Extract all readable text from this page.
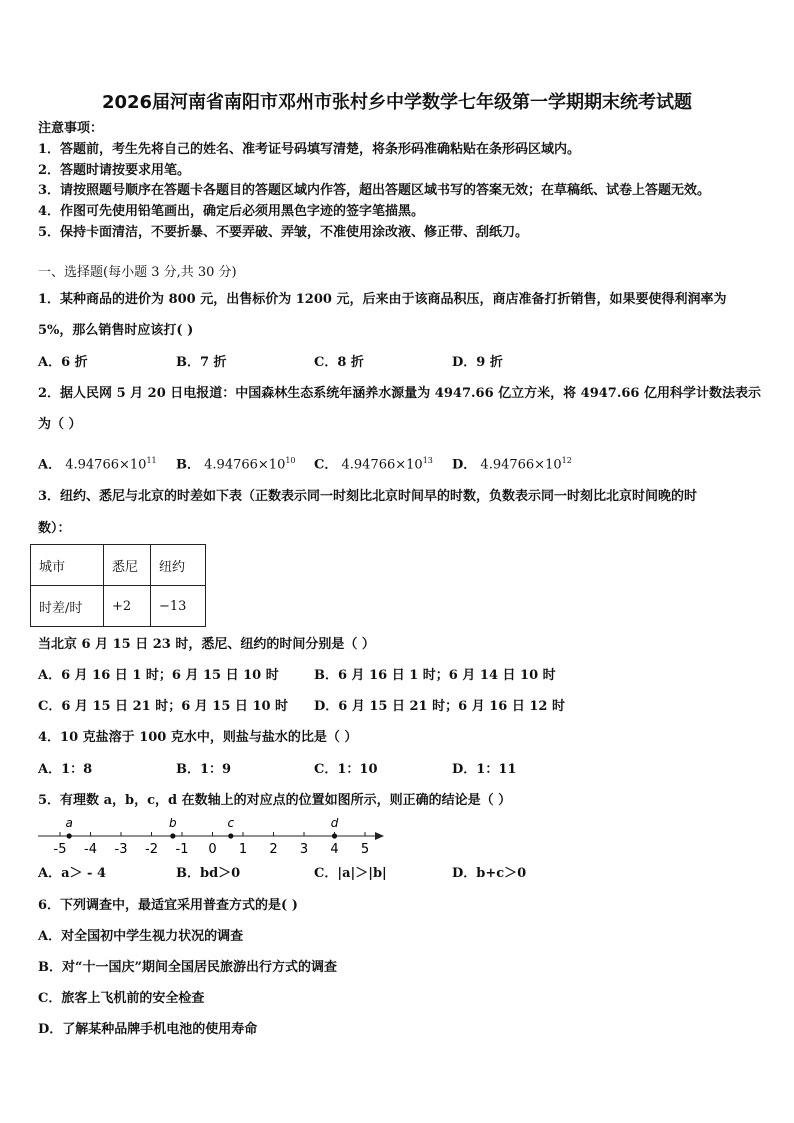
2026届河南省南阳市邓州市张村乡中学数学七年级第一学期期末统考试题
注意事项：
1．答题前，考生先将自己的姓名、准考证号码填写清楚，将条形码准确粘贴在条形码区域内。
2．答题时请按要求用笔。
3．请按照题号顺序在答题卡各题目的答题区域内作答，超出答题区域书写的答案无效；在草稿纸、试卷上答题无效。
4．作图可先使用铅笔画出，确定后必须用黑色字迹的签字笔描黑。
5．保持卡面清洁，不要折暴、不要弄破、弄皱，不准使用涂改液、修正带、刮纸刀。
一、选择题(每小题 3 分,共 30 分)
1．某种商品的进价为 800 元，出售标价为 1200 元，后来由于该商品积压，商店准备打折销售，如果要使得利润率为
5%，那么销售时应该打( )
A．6 折	B．7 折	C．8 折	D．9 折
2．据人民网 5 月 20 日电报道：中国森林生态系统年涵养水源量为 4947.66 亿立方米，将 4947.66 亿用科学计数法表示
为（ ）
A． $4.94766\times 10^{11}$ B． $4.94766\times 10^{10}$ C． $4.94766\times 10^{13}$ D． $4.94766\times 10^{12}$
3．纽约、悉尼与北京的时差如下表（正数表示同一时刻比北京时间早的时数，负数表示同一时刻比北京时间晚的时
数）：
城市	悉尼	纽约
时差/时	+2	−13
当北京 6 月 15 日 23 时，悉尼、纽约的时间分别是（ ）
A．6 月 16 日 1 时；6 月 15 日 10 时	B．6 月 16 日 1 时；6 月 14 日 10 时
C．6 月 15 日 21 时；6 月 15 日 10 时 D．6 月 15 日 21 时；6 月 16 日 12 时
4．10 克盐溶于 100 克水中，则盐与盐水的比是（ ）
A．1：8	B．1：9	C．1：10	D．1：11
5．有理数 a，b，c，d 在数轴上的对应点的位置如图所示，则正确的结论是（ ）
-5 -4 -3 -2 -1 0 1 2 3 4 5
a	b	c	d
A．a＞ - 4	B．bd＞0	C．|a|＞|b|	D．b+c＞0
6．下列调查中，最适宜采用普查方式的是( )
A．对全国初中学生视力状况的调查
B．对“十一国庆”期间全国居民旅游出行方式的调查
C．旅客上飞机前的安全检查
D．了解某种品牌手机电池的使用寿命
